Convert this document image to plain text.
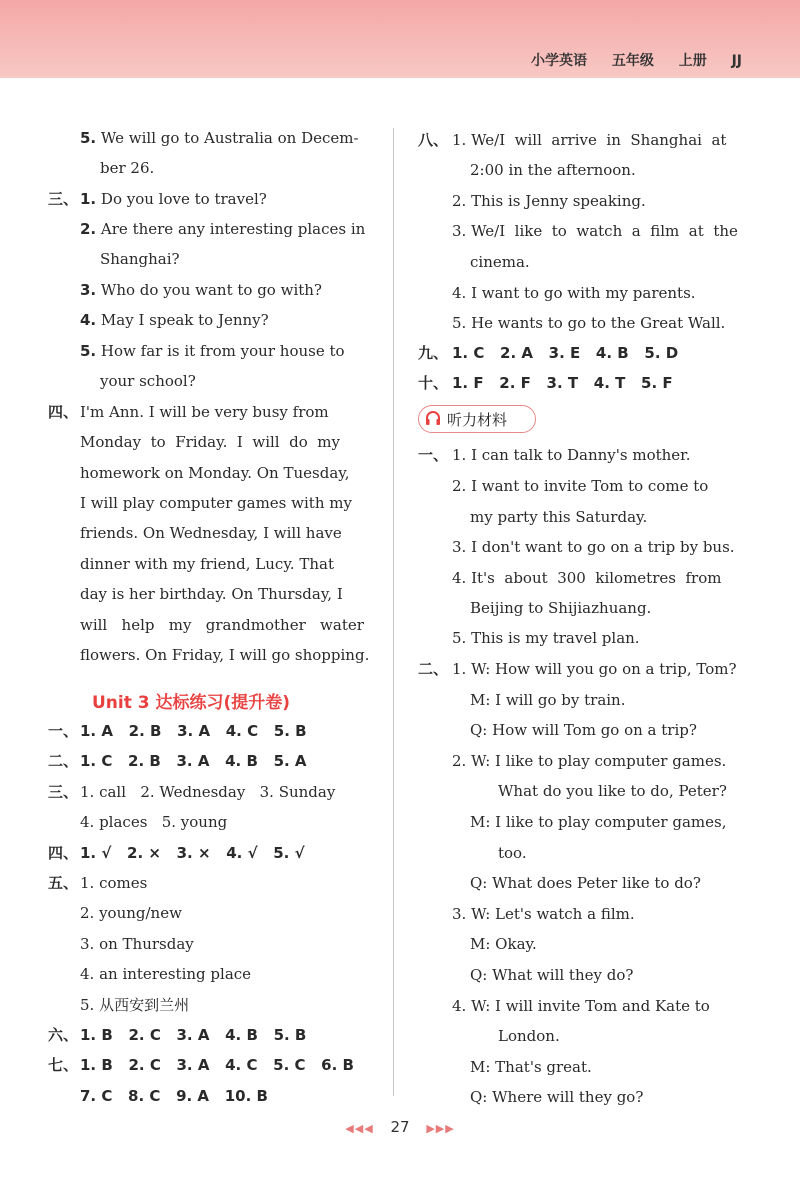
小学英语 五年级 上册 JJ
5. We will go to Australia on Decem-
ber 26.
三、 1. Do you love to travel?
2. Are there any interesting places in
Shanghai?
3. Who do you want to go with?
4. May I speak to Jenny?
5. How far is it from your house to
your school?
四、 I'm Ann. I will be very busy from
Monday  to  Friday.  I  will  do  my
homework on Monday. On Tuesday,
I will play computer games with my
friends. On Wednesday, I will have
dinner with my friend, Lucy. That
day is her birthday. On Thursday, I
will   help   my   grandmother   water
flowers. On Friday, I will go shopping.
Unit 3 达标练习(提升卷)
一、 1. A   2. B   3. A   4. C   5. B
二、 1. C   2. B   3. A   4. B   5. A
三、 1. call   2. Wednesday   3. Sunday
4. places   5. young
四、 1. √   2. ×   3. ×   4. √   5. √
五、 1. comes
2. young/new
3. on Thursday
4. an interesting place
5. 从西安到兰州
六、 1. B   2. C   3. A   4. B   5. B
七、 1. B   2. C   3. A   4. C   5. C   6. B
7. C   8. C   9. A   10. B
八、 1. We/I  will  arrive  in  Shanghai  at
2:00 in the afternoon.
2. This is Jenny speaking.
3. We/I  like  to  watch  a  film  at  the
cinema.
4. I want to go with my parents.
5. He wants to go to the Great Wall.
九、 1. C   2. A   3. E   4. B   5. D
十、 1. F   2. F   3. T   4. T   5. F
听力材料
一、 1. I can talk to Danny's mother.
2. I want to invite Tom to come to
my party this Saturday.
3. I don't want to go on a trip by bus.
4. It's  about  300  kilometres  from
Beijing to Shijiazhuang.
5. This is my travel plan.
二、 1. W: How will you go on a trip, Tom?
M: I will go by train.
Q: How will Tom go on a trip?
2. W: I like to play computer games.
What do you like to do, Peter?
M: I like to play computer games,
too.
Q: What does Peter like to do?
3. W: Let's watch a film.
M: Okay.
Q: What will they do?
4. W: I will invite Tom and Kate to
London.
M: That's great.
Q: Where will they go?
◀◀◀ 27 ▶▶▶
